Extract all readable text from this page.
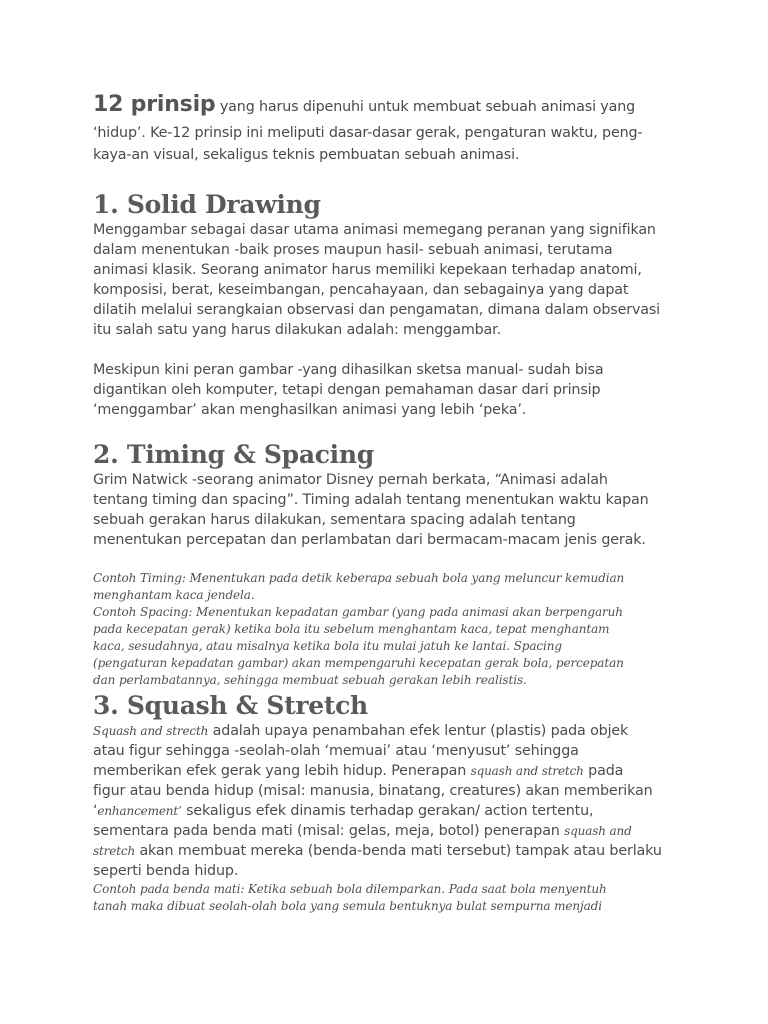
12 prinsip yang harus dipenuhi untuk membuat sebuah animasi yang
‘hidup’. Ke-12 prinsip ini meliputi dasar-dasar gerak, pengaturan waktu, peng-
kaya-an visual, sekaligus teknis pembuatan sebuah animasi.

1. Solid Drawing

Menggambar sebagai dasar utama animasi memegang peranan yang signifikan
dalam menentukan -baik proses maupun hasil- sebuah animasi, terutama
animasi klasik. Seorang animator harus memiliki kepekaan terhadap anatomi,
komposisi, berat, keseimbangan, pencahayaan, dan sebagainya yang dapat
dilatih melalui serangkaian observasi dan pengamatan, dimana dalam observasi
itu salah satu yang harus dilakukan adalah: menggambar.

Meskipun kini peran gambar -yang dihasilkan sketsa manual- sudah bisa
digantikan oleh komputer, tetapi dengan pemahaman dasar dari prinsip
‘menggambar’ akan menghasilkan animasi yang lebih ‘peka’.

2. Timing & Spacing

Grim Natwick -seorang animator Disney pernah berkata, “Animasi adalah
tentang timing dan spacing”. Timing adalah tentang menentukan waktu kapan
sebuah gerakan harus dilakukan, sementara spacing adalah tentang
menentukan percepatan dan perlambatan dari bermacam-macam jenis gerak.

Contoh Timing: Menentukan pada detik keberapa sebuah bola yang meluncur kemudian
menghantam kaca jendela.
Contoh Spacing: Menentukan kepadatan gambar (yang pada animasi akan berpengaruh
pada kecepatan gerak) ketika bola itu sebelum menghantam kaca, tepat menghantam
kaca, sesudahnya, atau misalnya ketika bola itu mulai jatuh ke lantai. Spacing
(pengaturan kepadatan gambar) akan mempengaruhi kecepatan gerak bola, percepatan
dan perlambatannya, sehingga membuat sebuah gerakan lebih realistis.

3. Squash & Stretch

Squash and strecth adalah upaya penambahan efek lentur (plastis) pada objek
atau figur sehingga -seolah-olah ‘memuai’ atau ‘menyusut’ sehingga
memberikan efek gerak yang lebih hidup. Penerapan squash and stretch pada
figur atau benda hidup (misal: manusia, binatang, creatures) akan memberikan
‘enhancement’ sekaligus efek dinamis terhadap gerakan/ action tertentu,
sementara pada benda mati (misal: gelas, meja, botol) penerapan squash and
stretch akan membuat mereka (benda-benda mati tersebut) tampak atau berlaku
seperti benda hidup.

Contoh pada benda mati: Ketika sebuah bola dilemparkan. Pada saat bola menyentuh
tanah maka dibuat seolah-olah bola yang semula bentuknya bulat sempurna menjadi
